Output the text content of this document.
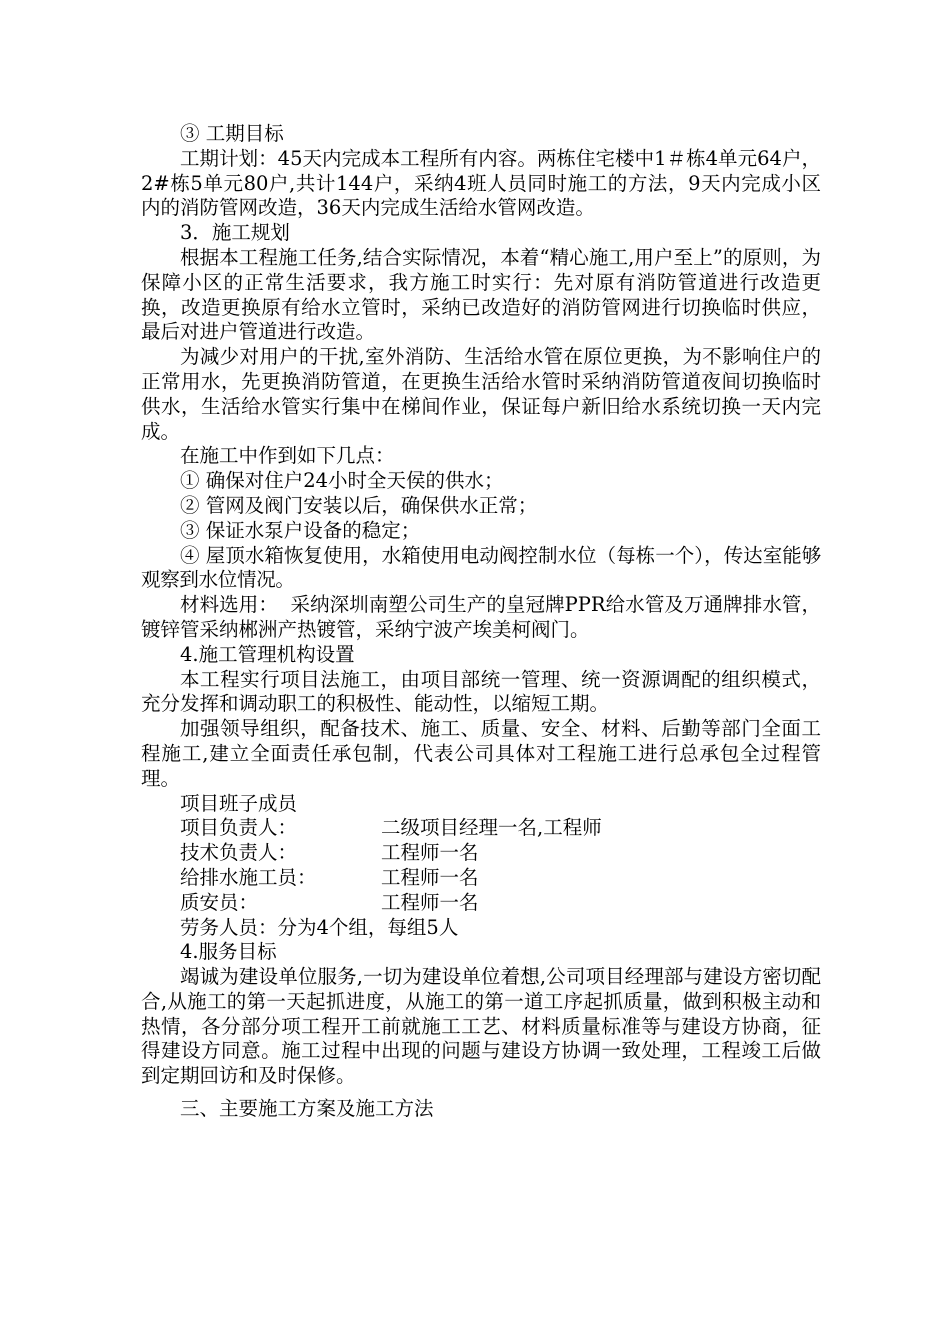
③ 工期目标

工期计划：45天内完成本工程所有内容。两栋住宅楼中1＃栋4单元64户，2#栋5单元80户,共计144户，采纳4班人员同时施工的方法，9天内完成小区内的消防管网改造，36天内完成生活给水管网改造。

3．施工规划

根据本工程施工任务,结合实际情况，本着“精心施工,用户至上”的原则，为保障小区的正常生活要求，我方施工时实行：先对原有消防管道进行改造更换，改造更换原有给水立管时，采纳已改造好的消防管网进行切换临时供应，最后对进户管道进行改造。

为减少对用户的干扰,室外消防、生活给水管在原位更换，为不影响住户的正常用水，先更换消防管道，在更换生活给水管时采纳消防管道夜间切换临时供水，生活给水管实行集中在梯间作业，保证每户新旧给水系统切换一天内完成。

在施工中作到如下几点：

① 确保对住户24小时全天侯的供水；

② 管网及阀门安装以后，确保供水正常；

③ 保证水泵户设备的稳定；

④ 屋顶水箱恢复使用，水箱使用电动阀控制水位（每栋一个），传达室能够观察到水位情况。

材料选用：  采纳深圳南塑公司生产的皇冠牌PPR给水管及万通牌排水管，镀锌管采纳郴洲产热镀管，采纳宁波产埃美柯阀门。

4.施工管理机构设置

本工程实行项目法施工，由项目部统一管理、统一资源调配的组织模式，充分发挥和调动职工的积极性、能动性，以缩短工期。

加强领导组织，配备技术、施工、质量、安全、材料、后勤等部门全面工程施工,建立全面责任承包制，代表公司具体对工程施工进行总承包全过程管理。

项目班子成员

项目负责人：	二级项目经理一名,工程师
技术负责人：	工程师一名
给排水施工员：	工程师一名
质安员：	工程师一名

劳务人员：分为4个组，每组5人

4.服务目标

竭诚为建设单位服务,一切为建设单位着想,公司项目经理部与建设方密切配合,从施工的第一天起抓进度，从施工的第一道工序起抓质量，做到积极主动和热情，各分部分项工程开工前就施工工艺、材料质量标准等与建设方协商，征得建设方同意。施工过程中出现的问题与建设方协调一致处理，工程竣工后做到定期回访和及时保修。

三、主要施工方案及施工方法
